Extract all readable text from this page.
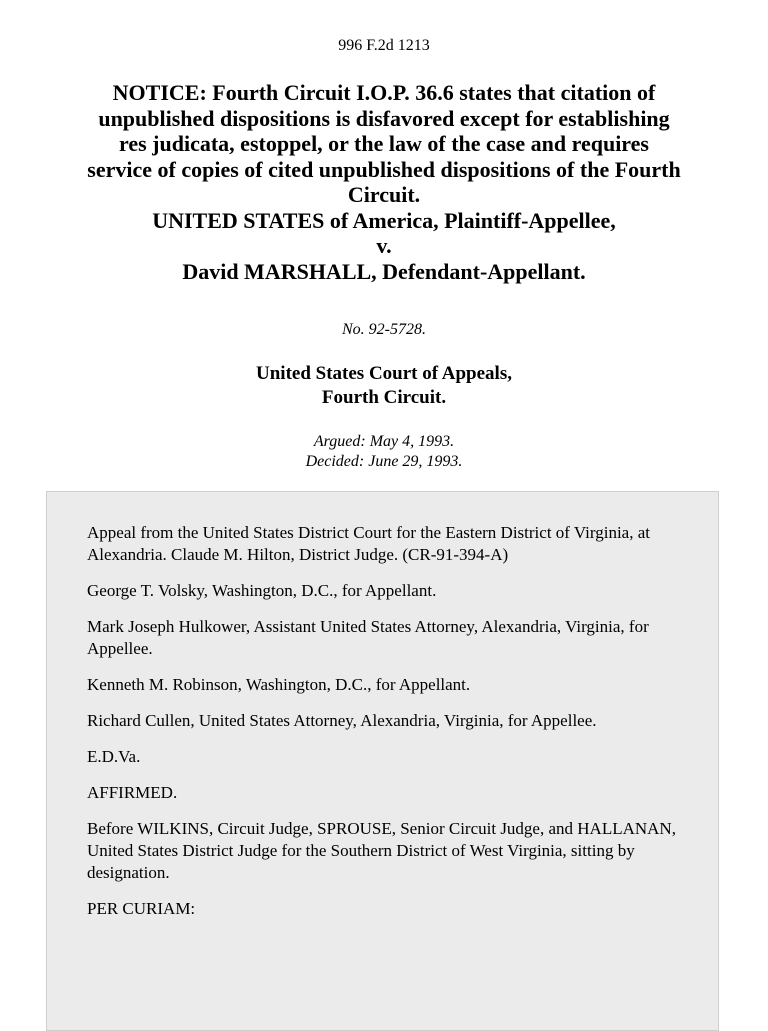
996 F.2d 1213
NOTICE: Fourth Circuit I.O.P. 36.6 states that citation of
unpublished dispositions is disfavored except for establishing
res judicata, estoppel, or the law of the case and requires
service of copies of cited unpublished dispositions of the Fourth
Circuit.
UNITED STATES of America, Plaintiff-Appellee,
v.
David MARSHALL, Defendant-Appellant.
No. 92-5728.
United States Court of Appeals,
Fourth Circuit.
Argued: May 4, 1993.
Decided: June 29, 1993.

Appeal from the United States District Court for the Eastern District of Virginia, at Alexandria. Claude M. Hilton, District Judge. (CR-91-394-A)

George T. Volsky, Washington, D.C., for Appellant.

Mark Joseph Hulkower, Assistant United States Attorney, Alexandria, Virginia, for Appellee.

Kenneth M. Robinson, Washington, D.C., for Appellant.

Richard Cullen, United States Attorney, Alexandria, Virginia, for Appellee.

E.D.Va.

AFFIRMED.

Before WILKINS, Circuit Judge, SPROUSE, Senior Circuit Judge, and HALLANAN, United States District Judge for the Southern District of West Virginia, sitting by designation.

PER CURIAM:
